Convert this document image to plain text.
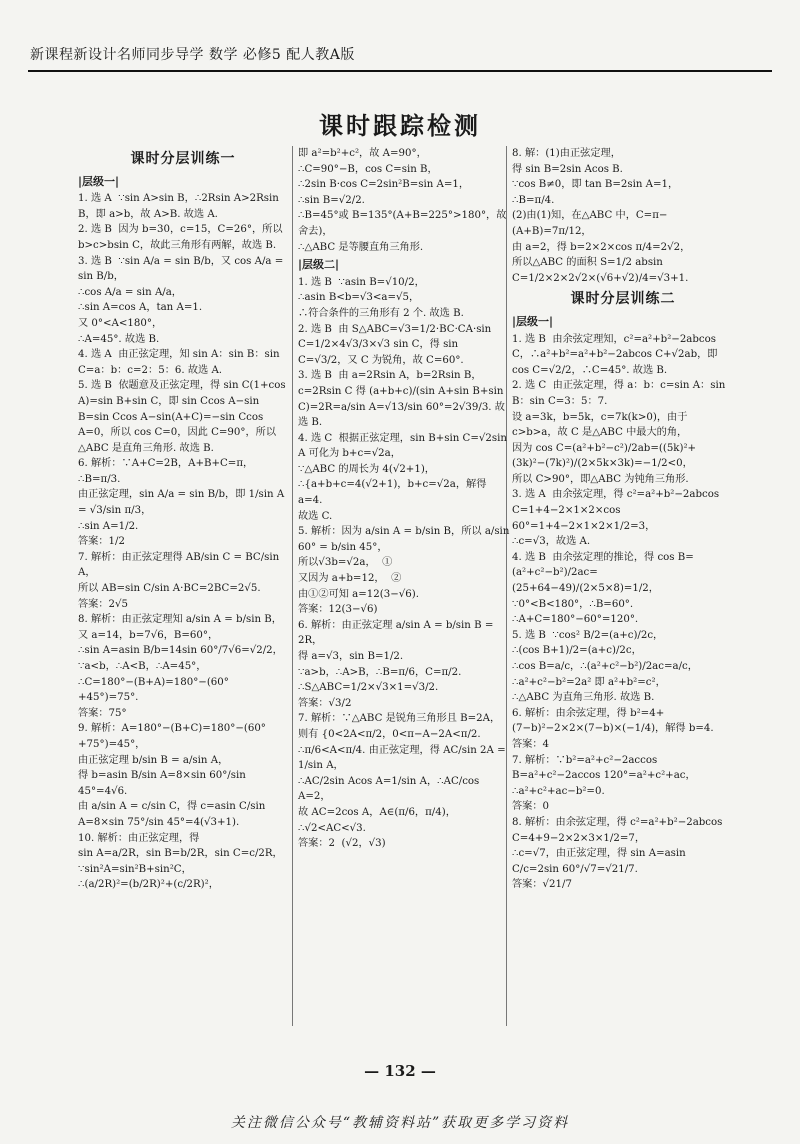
新课程新设计名师同步导学 数学 必修5 配人教A版
课时跟踪检测
课时分层训练一
|层级一|
1. 选 A  ∵sin A>sin B，∴2Rsin A>2Rsin B，即 a>b，故 A>B. 故选 A.
2. 选 B  因为 b=30，c=15，C=26°，所以 b>c>bsin C，故此三角形有两解，故选 B.
3. 选 B  ∵sin A/a = sin B/b，又 cos A/a = sin B/b，
∴cos A/a = sin A/a，
∴sin A=cos A，tan A=1.
又 0°<A<180°，
∴A=45°. 故选 B.
4. 选 A  由正弦定理，知 sin A：sin B：sin C=a：b：c=2：5：6. 故选 A.
5. 选 B  依题意及正弦定理，得 sin C(1+cos A)=sin B+sin C，即 sin Ccos A−sin B=sin Ccos A−sin(A+C)=−sin Ccos A=0，所以 cos C=0，因此 C=90°，所以△ABC 是直角三角形. 故选 B.
6. 解析：∵A+C=2B，A+B+C=π，
∴B=π/3.
由正弦定理，sin A/a = sin B/b，即 1/sin A = √3/sin π/3，
∴sin A=1/2.
答案：1/2
7. 解析：由正弦定理得 AB/sin C = BC/sin A，
所以 AB=sin C/sin A·BC=2BC=2√5.
答案：2√5
8. 解析：由正弦定理知 a/sin A = b/sin B，
又 a=14，b=7√6，B=60°，
∴sin A=asin B/b=14sin 60°/7√6=√2/2，
∵a<b，∴A<B，∴A=45°，
∴C=180°−(B+A)=180°−(60°+45°)=75°.
答案：75°
9. 解析：A=180°−(B+C)=180°−(60°+75°)=45°，
由正弦定理 b/sin B = a/sin A，
得 b=asin B/sin A=8×sin 60°/sin 45°=4√6.
由 a/sin A = c/sin C，得 c=asin C/sin A=8×sin 75°/sin 45°=4(√3+1).
10. 解析：由正弦定理，得
sin A=a/2R，sin B=b/2R，sin C=c/2R，
∵sin²A=sin²B+sin²C，
∴(a/2R)²=(b/2R)²+(c/2R)²，
即 a²=b²+c²，故 A=90°，
∴C=90°−B，cos C=sin B，
∴2sin B·cos C=2sin²B=sin A=1，
∴sin B=√2/2.
∴B=45°或 B=135°(A+B=225°>180°，故舍去)，
∴△ABC 是等腰直角三角形.
|层级二|
1. 选 B  ∵asin B=√10/2，
∴asin B<b=√3<a=√5，
∴符合条件的三角形有 2 个. 故选 B.
2. 选 B  由 S△ABC=√3=1/2·BC·CA·sin C=1/2×4√3/3×√3 sin C，得 sin C=√3/2，又 C 为锐角，故 C=60°.
3. 选 B  由 a=2Rsin A，b=2Rsin B，c=2Rsin C 得 (a+b+c)/(sin A+sin B+sin C)=2R=a/sin A=√13/sin 60°=2√39/3. 故选 B.
4. 选 C  根据正弦定理，sin B+sin C=√2sin A 可化为 b+c=√2a，
∵△ABC 的周长为 4(√2+1)，
∴{a+b+c=4(√2+1)，b+c=√2a，解得 a=4.
故选 C.
5. 解析：因为 a/sin A = b/sin B，所以 a/sin 60° = b/sin 45°，
所以√3b=√2a，  ①
又因为 a+b=12，  ②
由①②可知 a=12(3−√6).
答案：12(3−√6)
6. 解析：由正弦定理 a/sin A = b/sin B = 2R，
得 a=√3，sin B=1/2.
∵a>b，∴A>B，∴B=π/6，C=π/2.
∴S△ABC=1/2×√3×1=√3/2.
答案：√3/2
7. 解析：∵△ABC 是锐角三角形且 B=2A，
则有 {0<2A<π/2，0<π−A−2A<π/2.
∴π/6<A<π/4. 由正弦定理，得 AC/sin 2A = 1/sin A，
∴AC/2sin Acos A=1/sin A，∴AC/cos A=2，
故 AC=2cos A，A∈(π/6，π/4)，
∴√2<AC<√3.
答案：2  (√2，√3)
8. 解：(1)由正弦定理，
得 sin B=2sin Acos B.
∵cos B≠0，即 tan B=2sin A=1，
∴B=π/4.
(2)由(1)知，在△ABC 中，C=π−(A+B)=7π/12，
由 a=2，得 b=2×2×cos π/4=2√2，
所以△ABC 的面积 S=1/2 absin C=1/2×2×2√2×(√6+√2)/4=√3+1.
课时分层训练二
|层级一|
1. 选 B  由余弦定理知，c²=a²+b²−2abcos C，∴a²+b²=a²+b²−2abcos C+√2ab，即 cos C=√2/2，∴C=45°. 故选 B.
2. 选 C  由正弦定理，得 a：b：c=sin A：sin B：sin C=3：5：7.
设 a=3k，b=5k，c=7k(k>0)，由于 c>b>a，故 C 是△ABC 中最大的角，
因为 cos C=(a²+b²−c²)/2ab=((5k)²+(3k)²−(7k)²)/(2×5k×3k)=−1/2<0，
所以 C>90°，即△ABC 为钝角三角形.
3. 选 A  由余弦定理，得 c²=a²+b²−2abcos C=1+4−2×1×2×cos 60°=1+4−2×1×2×1/2=3，
∴c=√3，故选 A.
4. 选 B  由余弦定理的推论，得 cos B=(a²+c²−b²)/2ac=(25+64−49)/(2×5×8)=1/2，
∵0°<B<180°，∴B=60°.
∴A+C=180°−60°=120°.
5. 选 B  ∵cos² B/2=(a+c)/2c，
∴(cos B+1)/2=(a+c)/2c，
∴cos B=a/c，∴(a²+c²−b²)/2ac=a/c，
∴a²+c²−b²=2a² 即 a²+b²=c²，
∴△ABC 为直角三角形. 故选 B.
6. 解析：由余弦定理，得 b²=4+(7−b)²−2×2×(7−b)×(−1/4)，解得 b=4.
答案：4
7. 解析：∵b²=a²+c²−2accos B=a²+c²−2accos 120°=a²+c²+ac，
∴a²+c²+ac−b²=0.
答案：0
8. 解析：由余弦定理，得 c²=a²+b²−2abcos C=4+9−2×2×3×1/2=7，
∴c=√7，由正弦定理，得 sin A=asin C/c=2sin 60°/√7=√21/7.
答案：√21/7
— 132 —
关注微信公众号“教辅资料站”获取更多学习资料
